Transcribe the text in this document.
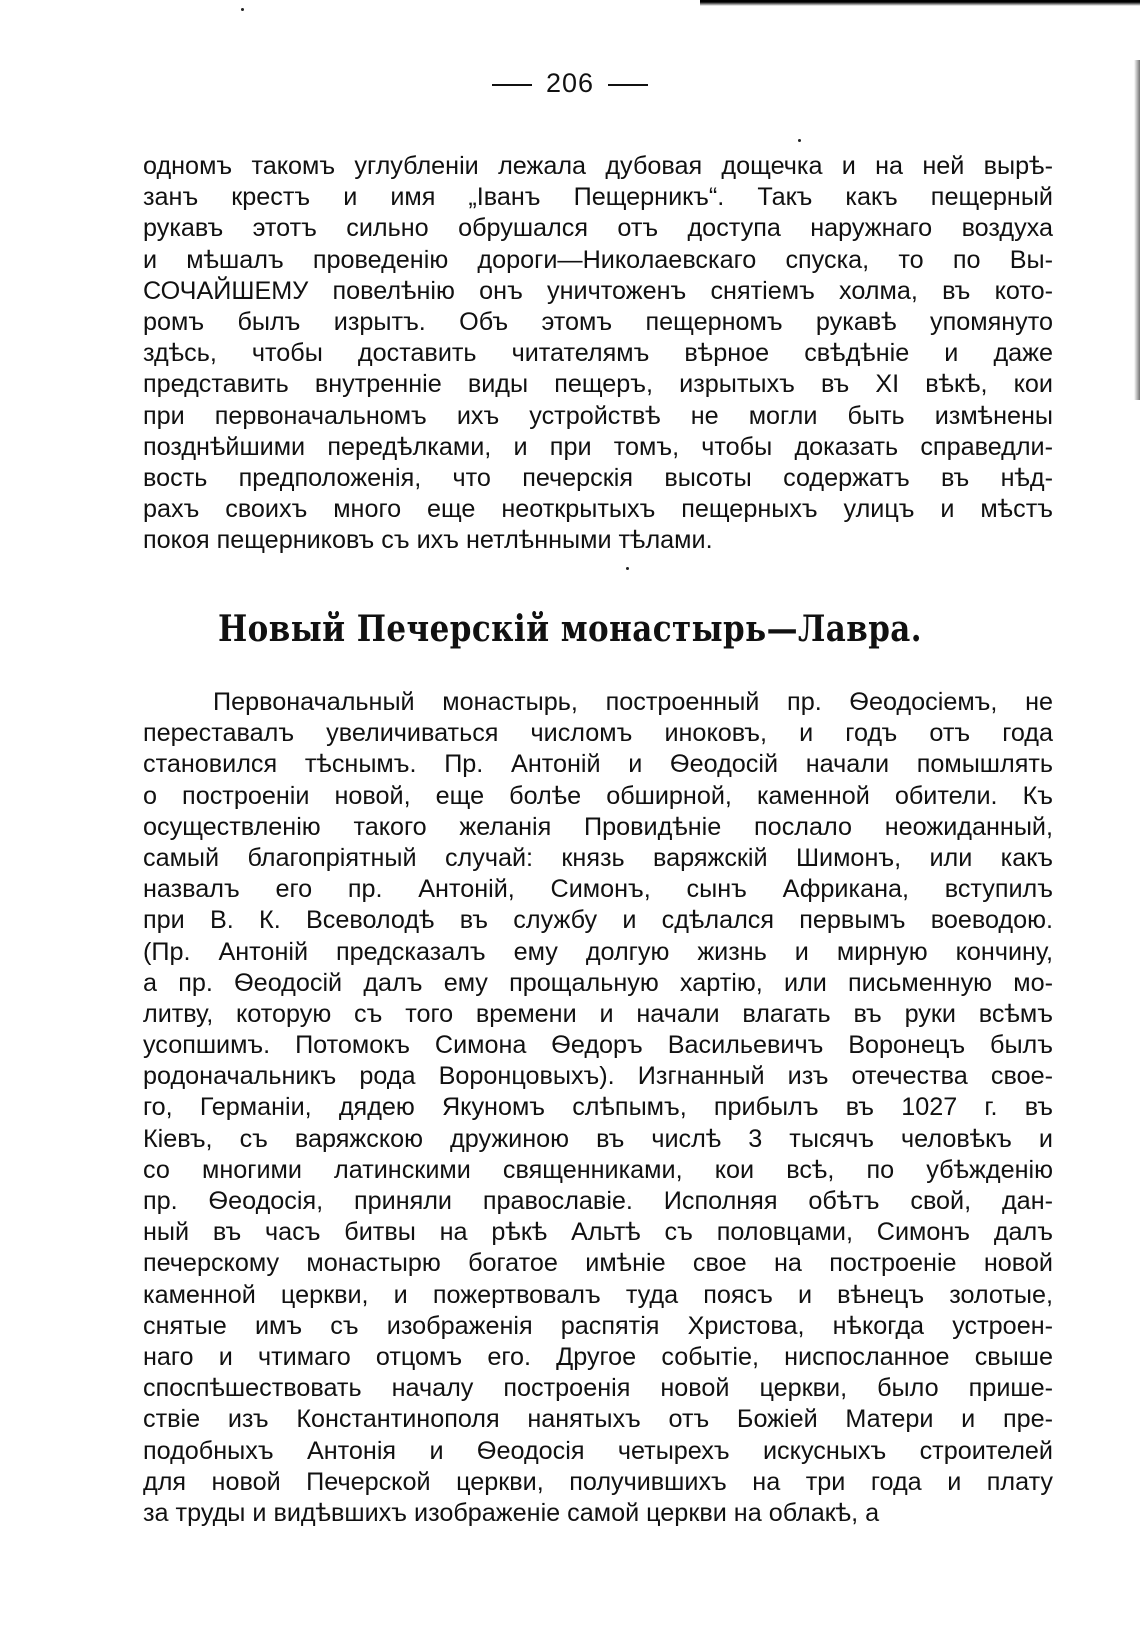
206
одномъ такомъ углубленіи лежала дубовая дощечка и на ней вырѣ-
занъ крестъ и имя „Іванъ Пещерникъ“. Такъ какъ пещерный
рукавъ этотъ сильно обрушался отъ доступа наружнаго воздуха
и мѣшалъ проведенію дороги—Николаевскаго спуска, то по Вы-
СОЧАЙШЕМУ повелѣнію онъ уничтоженъ снятіемъ холма, въ кото-
ромъ былъ изрытъ. Объ этомъ пещерномъ рукавѣ упомянуто
здѣсь, чтобы доставить читателямъ вѣрное свѣдѣніе и даже
представить внутренніе виды пещеръ, изрытыхъ въ XI вѣкѣ, кои
при первоначальномъ ихъ устройствѣ не могли быть измѣнены
позднѣйшими передѣлками, и при томъ, чтобы доказать справедли-
вость предположенія, что печерскія высоты содержатъ въ нѣд-
рахъ своихъ много еще неоткрытыхъ пещерныхъ улицъ и мѣстъ
покоя пещерниковъ съ ихъ нетлѣнными тѣлами.
Новый Печерскій монастырь—Лавра.
Первоначальный монастырь, построенный пр. Ѳеодосіемъ, не
переставалъ увеличиваться числомъ иноковъ, и годъ отъ года
становился тѣснымъ. Пр. Антоній и Ѳеодосій начали помышлять
о построеніи новой, еще болѣе обширной, каменной обители. Къ
осуществленію такого желанія Провидѣніе послало неожиданный,
самый благопріятный случай: князь варяжскій Шимонъ, или какъ
назвалъ его пр. Антоній, Симонъ, сынъ Африкана, вступилъ
при В. К. Всеволодѣ въ службу и сдѣлался первымъ воеводою.
(Пр. Антоній предсказалъ ему долгую жизнь и мирную кончину,
а пр. Ѳеодосій далъ ему прощальную хартію, или письменную мо-
литву, которую съ того времени и начали влагать въ руки всѣмъ
усопшимъ. Потомокъ Симона Ѳедоръ Васильевичъ Воронецъ былъ
родоначальникъ рода Воронцовыхъ). Изгнанный изъ отечества свое-
го, Германіи, дядею Якуномъ слѣпымъ, прибылъ въ 1027 г. въ
Кіевъ, съ варяжскою дружиною въ числѣ 3 тысячъ человѣкъ и
со многими латинскими священниками, кои всѣ, по убѣжденію
пр. Ѳеодосія, приняли православіе. Исполняя обѣтъ свой, дан-
ный въ часъ битвы на рѣкѣ Альтѣ съ половцами, Симонъ далъ
печерскому монастырю богатое имѣніе свое на построеніе новой
каменной церкви, и пожертвовалъ туда поясъ и вѣнецъ золотые,
снятые имъ съ изображенія распятія Христова, нѣкогда устроен-
наго и чтимаго отцомъ его. Другое событіе, ниспосланное свыше
споспѣшествовать началу построенія новой церкви, было прише-
ствіе изъ Константинополя нанятыхъ отъ Божіей Матери и пре-
подобныхъ Антонія и Ѳеодосія четырехъ искусныхъ строителей
для новой Печерской церкви, получившихъ на три года и плату
за труды и видѣвшихъ изображеніе самой церкви на облакѣ, а
